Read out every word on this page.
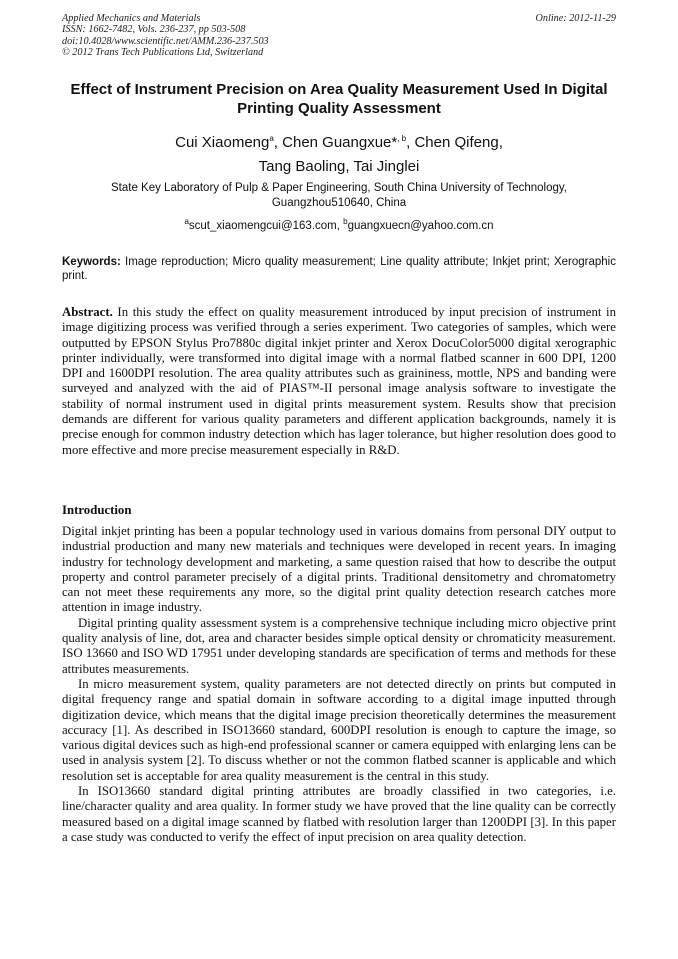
Applied Mechanics and Materials
ISSN: 1662-7482, Vols. 236-237, pp 503-508
doi:10.4028/www.scientific.net/AMM.236-237.503
© 2012 Trans Tech Publications Ltd, Switzerland
Online: 2012-11-29
Effect of Instrument Precision on Area Quality Measurement Used In Digital Printing Quality Assessment
Cui Xiaomeng$^a$, Chen Guangxue*$^{, b}$, Chen Qifeng,
Tang Baoling, Tai Jinglei
State Key Laboratory of Pulp & Paper Engineering, South China University of Technology, Guangzhou510640, China
$^a$scut_xiaomengcui@163.com, $^b$guangxuecn@yahoo.com.cn
Keywords: Image reproduction; Micro quality measurement; Line quality attribute; Inkjet print; Xerographic print.
Abstract. In this study the effect on quality measurement introduced by input precision of instrument in image digitizing process was verified through a series experiment. Two categories of samples, which were outputted by EPSON Stylus Pro7880c digital inkjet printer and Xerox DocuColor5000 digital xerographic printer individually, were transformed into digital image with a normal flatbed scanner in 600 DPI, 1200 DPI and 1600DPI resolution. The area quality attributes such as graininess, mottle, NPS and banding were surveyed and analyzed with the aid of PIAS™-II personal image analysis software to investigate the stability of normal instrument used in digital prints measurement system. Results show that precision demands are different for various quality parameters and different application backgrounds, namely it is precise enough for common industry detection which has lager tolerance, but higher resolution does good to more effective and more precise measurement especially in R&D.
Introduction

Digital inkjet printing has been a popular technology used in various domains from personal DIY output to industrial production and many new materials and techniques were developed in recent years. In imaging industry for technology development and marketing, a same question raised that how to describe the output property and control parameter precisely of a digital prints. Traditional densitometry and chromatometry can not meet these requirements any more, so the digital print quality detection research catches more attention in image industry.

Digital printing quality assessment system is a comprehensive technique including micro objective print quality analysis of line, dot, area and character besides simple optical density or chromaticity measurement. ISO 13660 and ISO WD 17951 under developing standards are specification of terms and methods for these attributes measurements.

In micro measurement system, quality parameters are not detected directly on prints but computed in digital frequency range and spatial domain in software according to a digital image inputted through digitization device, which means that the digital image precision theoretically determines the measurement accuracy [1]. As described in ISO13660 standard, 600DPI resolution is enough to capture the image, so various digital devices such as high-end professional scanner or camera equipped with enlarging lens can be used in analysis system [2]. To discuss whether or not the common flatbed scanner is applicable and which resolution set is acceptable for area quality measurement is the central in this study.

In ISO13660 standard digital printing attributes are broadly classified in two categories, i.e. line/character quality and area quality. In former study we have proved that the line quality can be correctly measured based on a digital image scanned by flatbed with resolution larger than 1200DPI [3]. In this paper a case study was conducted to verify the effect of input precision on area quality detection.
